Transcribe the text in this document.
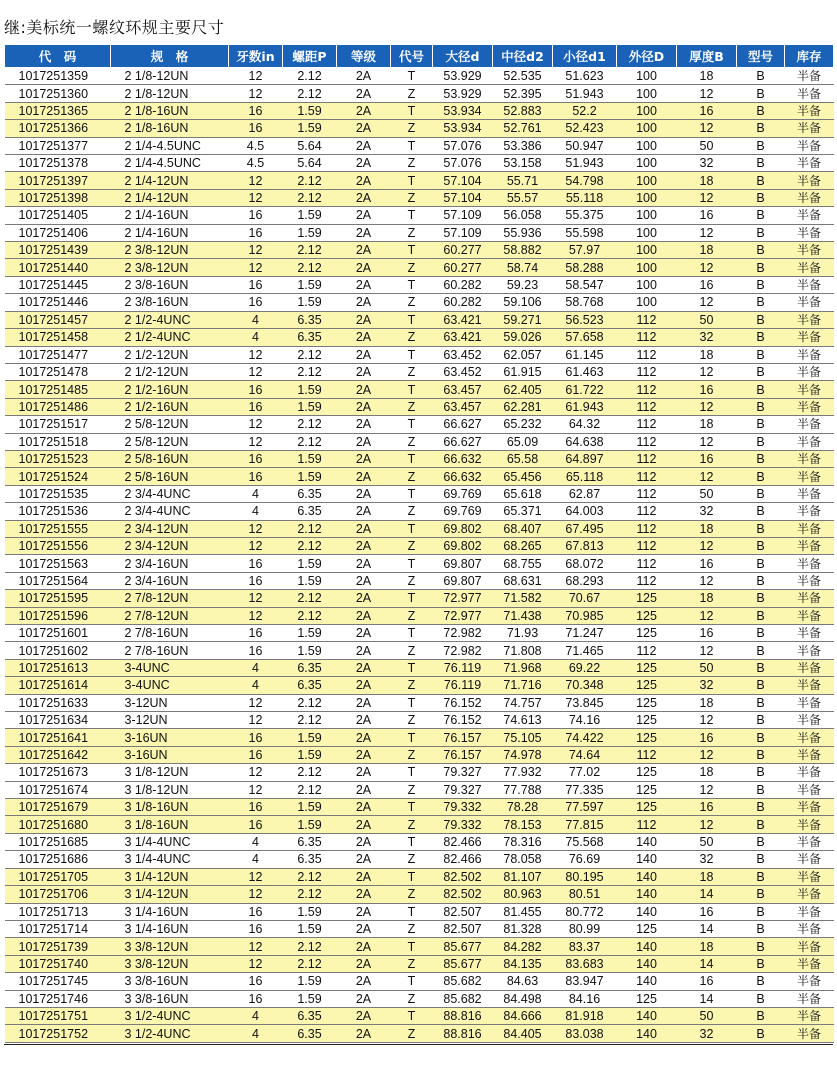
继:美标统一螺纹环规主要尺寸
代　码	规　格	牙数in	螺距P	等级	代号	大径d	中径d2	小径d1	外径D	厚度B	型号	库存
1017251359	2 1/8-12UN	12	2.12	2A	T	53.929	52.535	51.623	100	18	B	半备
1017251360	2 1/8-12UN	12	2.12	2A	Z	53.929	52.395	51.943	100	12	B	半备
1017251365	2 1/8-16UN	16	1.59	2A	T	53.934	52.883	52.2	100	16	B	半备
1017251366	2 1/8-16UN	16	1.59	2A	Z	53.934	52.761	52.423	100	12	B	半备
1017251377	2 1/4-4.5UNC	4.5	5.64	2A	T	57.076	53.386	50.947	100	50	B	半备
1017251378	2 1/4-4.5UNC	4.5	5.64	2A	Z	57.076	53.158	51.943	100	32	B	半备
1017251397	2 1/4-12UN	12	2.12	2A	T	57.104	55.71	54.798	100	18	B	半备
1017251398	2 1/4-12UN	12	2.12	2A	Z	57.104	55.57	55.118	100	12	B	半备
1017251405	2 1/4-16UN	16	1.59	2A	T	57.109	56.058	55.375	100	16	B	半备
1017251406	2 1/4-16UN	16	1.59	2A	Z	57.109	55.936	55.598	100	12	B	半备
1017251439	2 3/8-12UN	12	2.12	2A	T	60.277	58.882	57.97	100	18	B	半备
1017251440	2 3/8-12UN	12	2.12	2A	Z	60.277	58.74	58.288	100	12	B	半备
1017251445	2 3/8-16UN	16	1.59	2A	T	60.282	59.23	58.547	100	16	B	半备
1017251446	2 3/8-16UN	16	1.59	2A	Z	60.282	59.106	58.768	100	12	B	半备
1017251457	2 1/2-4UNC	4	6.35	2A	T	63.421	59.271	56.523	112	50	B	半备
1017251458	2 1/2-4UNC	4	6.35	2A	Z	63.421	59.026	57.658	112	32	B	半备
1017251477	2 1/2-12UN	12	2.12	2A	T	63.452	62.057	61.145	112	18	B	半备
1017251478	2 1/2-12UN	12	2.12	2A	Z	63.452	61.915	61.463	112	12	B	半备
1017251485	2 1/2-16UN	16	1.59	2A	T	63.457	62.405	61.722	112	16	B	半备
1017251486	2 1/2-16UN	16	1.59	2A	Z	63.457	62.281	61.943	112	12	B	半备
1017251517	2 5/8-12UN	12	2.12	2A	T	66.627	65.232	64.32	112	18	B	半备
1017251518	2 5/8-12UN	12	2.12	2A	Z	66.627	65.09	64.638	112	12	B	半备
1017251523	2 5/8-16UN	16	1.59	2A	T	66.632	65.58	64.897	112	16	B	半备
1017251524	2 5/8-16UN	16	1.59	2A	Z	66.632	65.456	65.118	112	12	B	半备
1017251535	2 3/4-4UNC	4	6.35	2A	T	69.769	65.618	62.87	112	50	B	半备
1017251536	2 3/4-4UNC	4	6.35	2A	Z	69.769	65.371	64.003	112	32	B	半备
1017251555	2 3/4-12UN	12	2.12	2A	T	69.802	68.407	67.495	112	18	B	半备
1017251556	2 3/4-12UN	12	2.12	2A	Z	69.802	68.265	67.813	112	12	B	半备
1017251563	2 3/4-16UN	16	1.59	2A	T	69.807	68.755	68.072	112	16	B	半备
1017251564	2 3/4-16UN	16	1.59	2A	Z	69.807	68.631	68.293	112	12	B	半备
1017251595	2 7/8-12UN	12	2.12	2A	T	72.977	71.582	70.67	125	18	B	半备
1017251596	2 7/8-12UN	12	2.12	2A	Z	72.977	71.438	70.985	125	12	B	半备
1017251601	2 7/8-16UN	16	1.59	2A	T	72.982	71.93	71.247	125	16	B	半备
1017251602	2 7/8-16UN	16	1.59	2A	Z	72.982	71.808	71.465	112	12	B	半备
1017251613	3-4UNC	4	6.35	2A	T	76.119	71.968	69.22	125	50	B	半备
1017251614	3-4UNC	4	6.35	2A	Z	76.119	71.716	70.348	125	32	B	半备
1017251633	3-12UN	12	2.12	2A	T	76.152	74.757	73.845	125	18	B	半备
1017251634	3-12UN	12	2.12	2A	Z	76.152	74.613	74.16	125	12	B	半备
1017251641	3-16UN	16	1.59	2A	T	76.157	75.105	74.422	125	16	B	半备
1017251642	3-16UN	16	1.59	2A	Z	76.157	74.978	74.64	112	12	B	半备
1017251673	3 1/8-12UN	12	2.12	2A	T	79.327	77.932	77.02	125	18	B	半备
1017251674	3 1/8-12UN	12	2.12	2A	Z	79.327	77.788	77.335	125	12	B	半备
1017251679	3 1/8-16UN	16	1.59	2A	T	79.332	78.28	77.597	125	16	B	半备
1017251680	3 1/8-16UN	16	1.59	2A	Z	79.332	78.153	77.815	112	12	B	半备
1017251685	3 1/4-4UNC	4	6.35	2A	T	82.466	78.316	75.568	140	50	B	半备
1017251686	3 1/4-4UNC	4	6.35	2A	Z	82.466	78.058	76.69	140	32	B	半备
1017251705	3 1/4-12UN	12	2.12	2A	T	82.502	81.107	80.195	140	18	B	半备
1017251706	3 1/4-12UN	12	2.12	2A	Z	82.502	80.963	80.51	140	14	B	半备
1017251713	3 1/4-16UN	16	1.59	2A	T	82.507	81.455	80.772	140	16	B	半备
1017251714	3 1/4-16UN	16	1.59	2A	Z	82.507	81.328	80.99	125	14	B	半备
1017251739	3 3/8-12UN	12	2.12	2A	T	85.677	84.282	83.37	140	18	B	半备
1017251740	3 3/8-12UN	12	2.12	2A	Z	85.677	84.135	83.683	140	14	B	半备
1017251745	3 3/8-16UN	16	1.59	2A	T	85.682	84.63	83.947	140	16	B	半备
1017251746	3 3/8-16UN	16	1.59	2A	Z	85.682	84.498	84.16	125	14	B	半备
1017251751	3 1/2-4UNC	4	6.35	2A	T	88.816	84.666	81.918	140	50	B	半备
1017251752	3 1/2-4UNC	4	6.35	2A	Z	88.816	84.405	83.038	140	32	B	半备
